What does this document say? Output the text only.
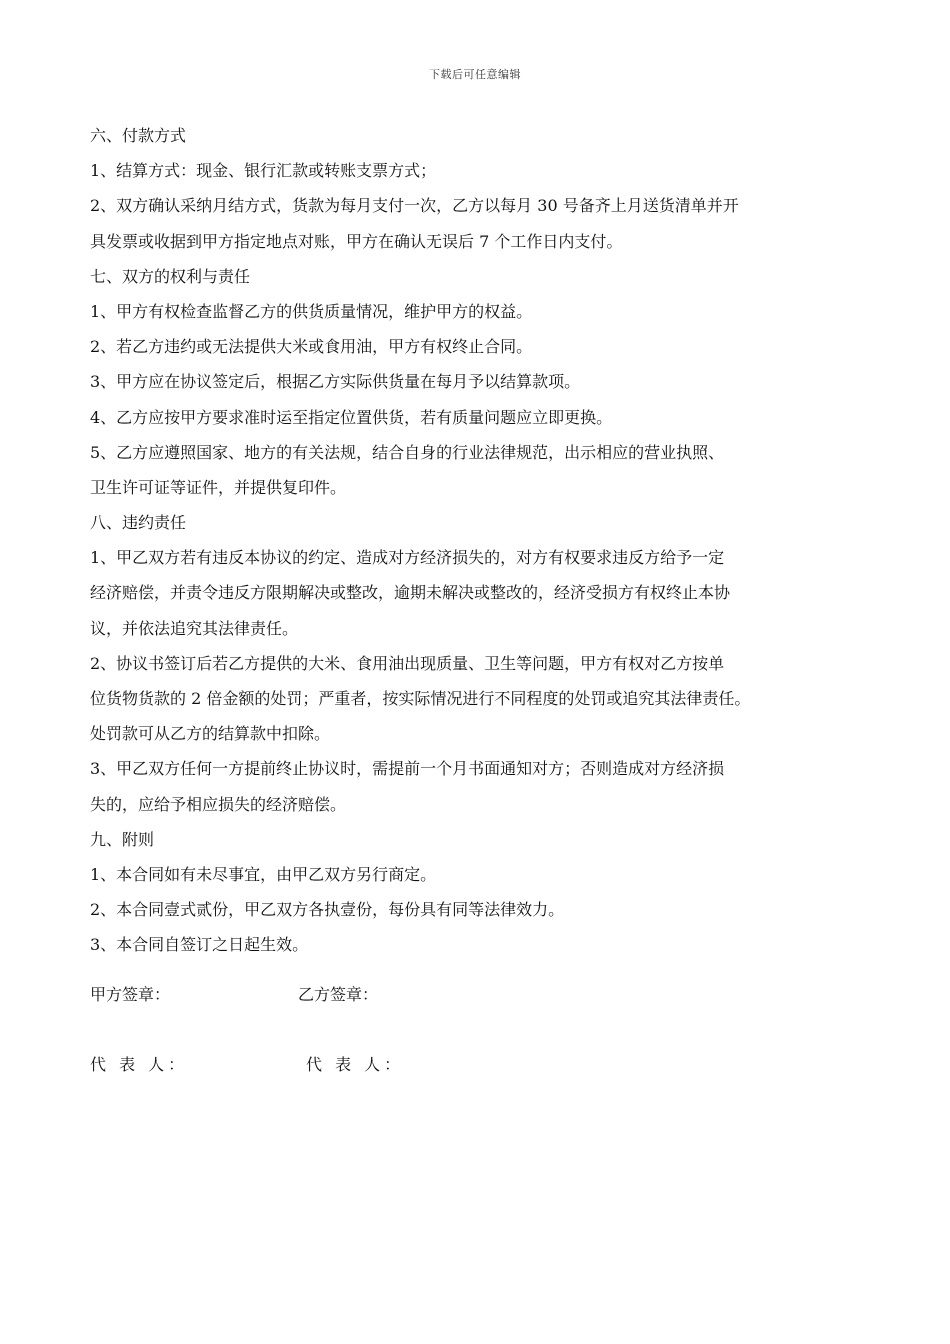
下载后可任意编辑
六、付款方式
1、结算方式：现金、银行汇款或转账支票方式；
2、双方确认采纳月结方式，货款为每月支付一次，乙方以每月 30 号备齐上月送货清单并开
具发票或收据到甲方指定地点对账，甲方在确认无误后 7 个工作日内支付。
七、双方的权利与责任
1、甲方有权检查监督乙方的供货质量情况，维护甲方的权益。
2、若乙方违约或无法提供大米或食用油，甲方有权终止合同。
3、甲方应在协议签定后，根据乙方实际供货量在每月予以结算款项。
4、乙方应按甲方要求准时运至指定位置供货，若有质量问题应立即更换。
5、乙方应遵照国家、地方的有关法规，结合自身的行业法律规范，出示相应的营业执照、
卫生许可证等证件，并提供复印件。
八、违约责任
1、甲乙双方若有违反本协议的约定、造成对方经济损失的，对方有权要求违反方给予一定
经济赔偿，并责令违反方限期解决或整改，逾期未解决或整改的，经济受损方有权终止本协
议，并依法追究其法律责任。
2、协议书签订后若乙方提供的大米、食用油出现质量、卫生等问题，甲方有权对乙方按单
位货物货款的 2 倍金额的处罚；严重者，按实际情况进行不同程度的处罚或追究其法律责任。
处罚款可从乙方的结算款中扣除。
3、甲乙双方任何一方提前终止协议时，需提前一个月书面通知对方；否则造成对方经济损
失的，应给予相应损失的经济赔偿。
九、附则
1、本合同如有未尽事宜，由甲乙双方另行商定。
2、本合同壹式贰份，甲乙双方各执壹份，每份具有同等法律效力。
3、本合同自签订之日起生效。
甲方签章：	乙方签章：
代 表 人：	代 表 人：
